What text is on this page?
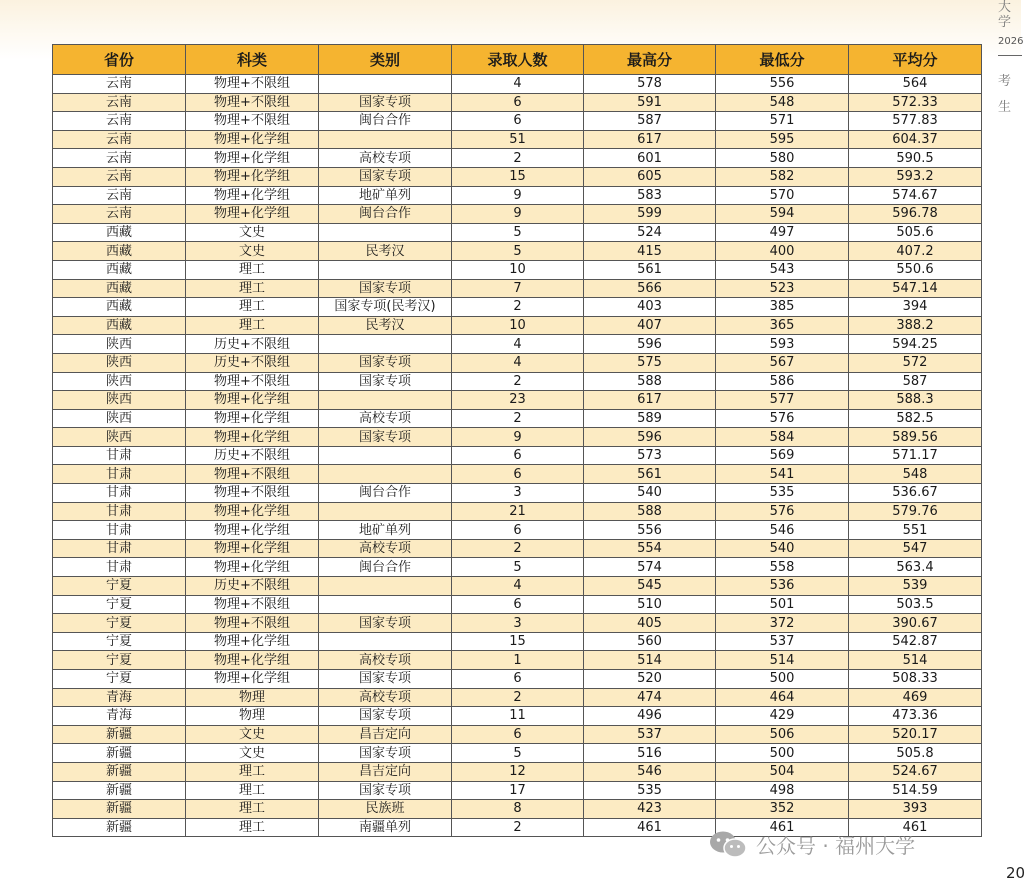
省份	科类	类别	录取人数	最高分	最低分	平均分
云南	物理+不限组		4	578	556	564
云南	物理+不限组	国家专项	6	591	548	572.33
云南	物理+不限组	闽台合作	6	587	571	577.83
云南	物理+化学组		51	617	595	604.37
云南	物理+化学组	高校专项	2	601	580	590.5
云南	物理+化学组	国家专项	15	605	582	593.2
云南	物理+化学组	地矿单列	9	583	570	574.67
云南	物理+化学组	闽台合作	9	599	594	596.78
西藏	文史		5	524	497	505.6
西藏	文史	民考汉	5	415	400	407.2
西藏	理工		10	561	543	550.6
西藏	理工	国家专项	7	566	523	547.14
西藏	理工	国家专项(民考汉)	2	403	385	394
西藏	理工	民考汉	10	407	365	388.2
陕西	历史+不限组		4	596	593	594.25
陕西	历史+不限组	国家专项	4	575	567	572
陕西	物理+不限组	国家专项	2	588	586	587
陕西	物理+化学组		23	617	577	588.3
陕西	物理+化学组	高校专项	2	589	576	582.5
陕西	物理+化学组	国家专项	9	596	584	589.56
甘肃	历史+不限组		6	573	569	571.17
甘肃	物理+不限组		6	561	541	548
甘肃	物理+不限组	闽台合作	3	540	535	536.67
甘肃	物理+化学组		21	588	576	579.76
甘肃	物理+化学组	地矿单列	6	556	546	551
甘肃	物理+化学组	高校专项	2	554	540	547
甘肃	物理+化学组	闽台合作	5	574	558	563.4
宁夏	历史+不限组		4	545	536	539
宁夏	物理+不限组		6	510	501	503.5
宁夏	物理+不限组	国家专项	3	405	372	390.67
宁夏	物理+化学组		15	560	537	542.87
宁夏	物理+化学组	高校专项	1	514	514	514
宁夏	物理+化学组	国家专项	6	520	500	508.33
青海	物理	高校专项	2	474	464	469
青海	物理	国家专项	11	496	429	473.36
新疆	文史	昌吉定向	6	537	506	520.17
新疆	文史	国家专项	5	516	500	505.8
新疆	理工	昌吉定向	12	546	504	524.67
新疆	理工	国家专项	17	535	498	514.59
新疆	理工	民族班	8	423	352	393
新疆	理工	南疆单列	2	461	461	461
大
学
2026
考
生
公众号 · 福州大学
20
